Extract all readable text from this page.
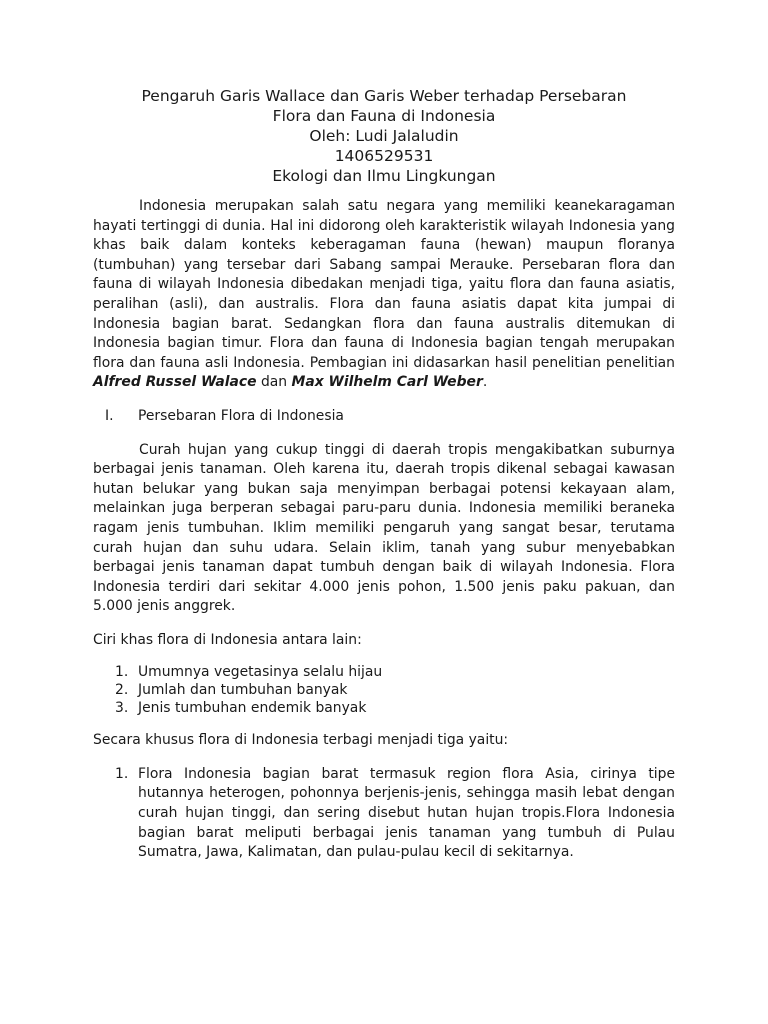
Pengaruh Garis Wallace dan Garis Weber terhadap Persebaran
Flora dan Fauna di Indonesia
Oleh: Ludi Jalaludin
1406529531
Ekologi dan Ilmu Lingkungan

Indonesia merupakan salah satu negara yang memiliki keanekaragaman hayati tertinggi di dunia. Hal ini didorong oleh karakteristik wilayah Indonesia yang khas baik dalam konteks keberagaman fauna (hewan) maupun floranya (tumbuhan) yang tersebar dari Sabang sampai Merauke. Persebaran flora dan fauna di wilayah Indonesia dibedakan menjadi tiga, yaitu flora dan fauna asiatis, peralihan (asli), dan australis. Flora dan fauna asiatis dapat kita jumpai di Indonesia bagian barat. Sedangkan flora dan fauna australis ditemukan di Indonesia bagian timur. Flora dan fauna di Indonesia bagian tengah merupakan flora dan fauna asli Indonesia. Pembagian ini didasarkan hasil penelitian penelitian Alfred Russel Walace dan Max Wilhelm Carl Weber.

I.	Persebaran Flora di Indonesia

Curah hujan yang cukup tinggi di daerah tropis mengakibatkan suburnya berbagai jenis tanaman. Oleh karena itu, daerah tropis dikenal sebagai kawasan hutan belukar yang bukan saja menyimpan berbagai potensi kekayaan alam, melainkan juga berperan sebagai paru-paru dunia. Indonesia memiliki beraneka ragam jenis tumbuhan. Iklim memiliki pengaruh yang sangat besar, terutama curah hujan dan suhu udara. Selain iklim, tanah yang subur menyebabkan berbagai jenis tanaman dapat tumbuh dengan baik di wilayah Indonesia. Flora Indonesia terdiri dari sekitar 4.000 jenis pohon, 1.500 jenis paku pakuan, dan 5.000 jenis anggrek.

Ciri khas flora di Indonesia antara lain:

1. Umumnya vegetasinya selalu hijau
2. Jumlah dan tumbuhan banyak
3. Jenis tumbuhan endemik banyak

Secara khusus flora di Indonesia terbagi menjadi tiga yaitu:

1. Flora Indonesia bagian barat termasuk region flora Asia, cirinya tipe hutannya heterogen, pohonnya berjenis-jenis, sehingga masih lebat dengan curah hujan tinggi, dan sering disebut hutan hujan tropis.Flora Indonesia bagian barat meliputi berbagai jenis tanaman yang tumbuh di Pulau Sumatra, Jawa, Kalimatan, dan pulau-pulau kecil di sekitarnya.
